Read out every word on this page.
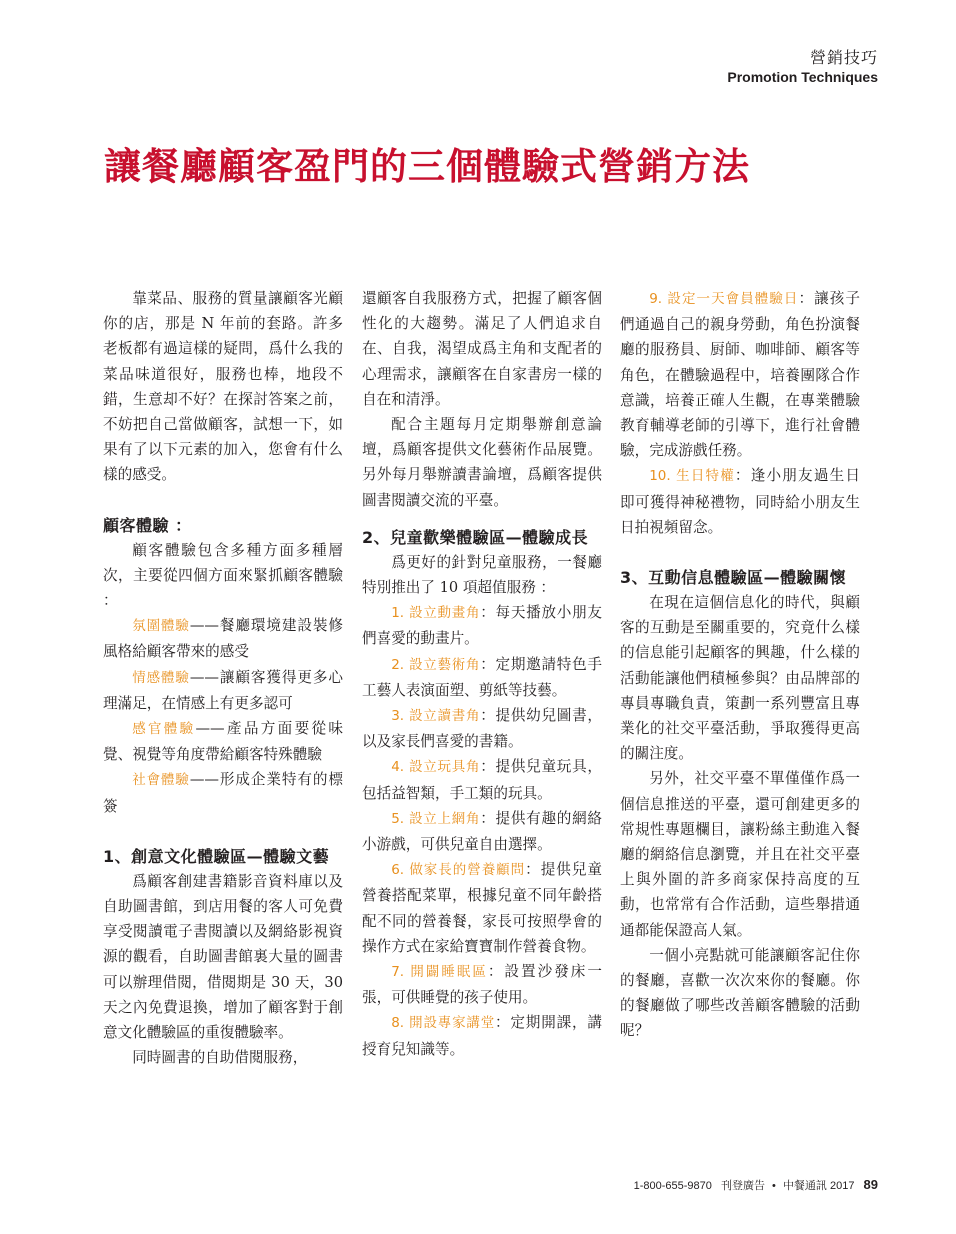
營銷技巧
Promotion Techniques
讓餐廳顧客盈門的三個體驗式營銷方法

靠菜品、服務的質量讓顧客光顧你的店，那是 N 年前的套路。許多老板都有過這樣的疑問，爲什么我的菜品味道很好，服務也棒，地段不錯，生意却不好？在探討答案之前，不妨把自己當做顧客，試想一下，如果有了以下元素的加入，您會有什么樣的感受。

顧客體驗 ：

顧客體驗包含多種方面多種層次，主要從四個方面來緊抓顧客體驗 ：

氛圍體驗——餐廳環境建設裝修風格給顧客帶來的感受

情感體驗——讓顧客獲得更多心理滿足，在情感上有更多認可

感官體驗——產品方面要從味覺、視覺等角度帶給顧客特殊體驗

社會體驗——形成企業特有的標簽

1、創意文化體驗區—體驗文藝

爲顧客創建書籍影音資料庫以及自助圖書館，到店用餐的客人可免費享受閱讀電子書閱讀以及網絡影視資源的觀看，自助圖書館裏大量的圖書可以辦理借閱，借閱期是 30 天，30 天之內免費退換，增加了顧客對于創意文化體驗區的重復體驗率。

同時圖書的自助借閱服務，

還顧客自我服務方式，把握了顧客個性化的大趨勢。滿足了人們追求自在、自我，渴望成爲主角和支配者的心理需求，讓顧客在自家書房一樣的自在和清淨。

配合主題每月定期舉辦創意論壇，爲顧客提供文化藝術作品展覽。另外每月舉辦讀書論壇，爲顧客提供圖書閱讀交流的平臺。

2、兒童歡樂體驗區—體驗成長

爲更好的針對兒童服務，一餐廳特別推出了 10 項超值服務 ：

1. 設立動畫角：每天播放小朋友們喜愛的動畫片。

2. 設立藝術角：定期邀請特色手工藝人表演面塑、剪紙等技藝。

3. 設立讀書角：提供幼兒圖書，以及家長們喜愛的書籍。

4. 設立玩具角：提供兒童玩具，包括益智類，手工類的玩具。

5. 設立上網角：提供有趣的網絡小游戲，可供兒童自由選擇。

6. 做家長的營養顧問：提供兒童營養搭配菜單，根據兒童不同年齡搭配不同的營養餐，家長可按照學會的操作方式在家給寶寶制作營養食物。

7. 開闢睡眠區：設置沙發床一張，可供睡覺的孩子使用。

8. 開設專家講堂：定期開課，講授育兒知識等。

9. 設定一天會員體驗日：讓孩子們通過自己的親身勞動，角色扮演餐廳的服務員、厨師、咖啡師、顧客等角色，在體驗過程中，培養團隊合作意識，培養正確人生觀，在專業體驗教育輔導老師的引導下，進行社會體驗，完成游戲任務。

10. 生日特權：逢小朋友過生日即可獲得神秘禮物，同時給小朋友生日拍視頻留念。

3、互動信息體驗區—體驗關懷

在現在這個信息化的時代，與顧客的互動是至關重要的，究竟什么樣的信息能引起顧客的興趣，什么樣的活動能讓他們積極參與？由品牌部的專員專職負責，策劃一系列豐富且專業化的社交平臺活動，爭取獲得更高的關注度。

另外，社交平臺不單僅僅作爲一個信息推送的平臺，還可創建更多的常規性專題欄目，讓粉絲主動進入餐廳的網絡信息瀏覽，并且在社交平臺上與外圍的許多商家保持高度的互動，也常常有合作活動，這些舉措通通都能保證高人氣。

一個小亮點就可能讓顧客記住你的餐廳，喜歡一次次來你的餐廳。你的餐廳做了哪些改善顧客體驗的活動呢？

1-800-655-9870 刊登廣告 • 中餐通訊 2017 89
